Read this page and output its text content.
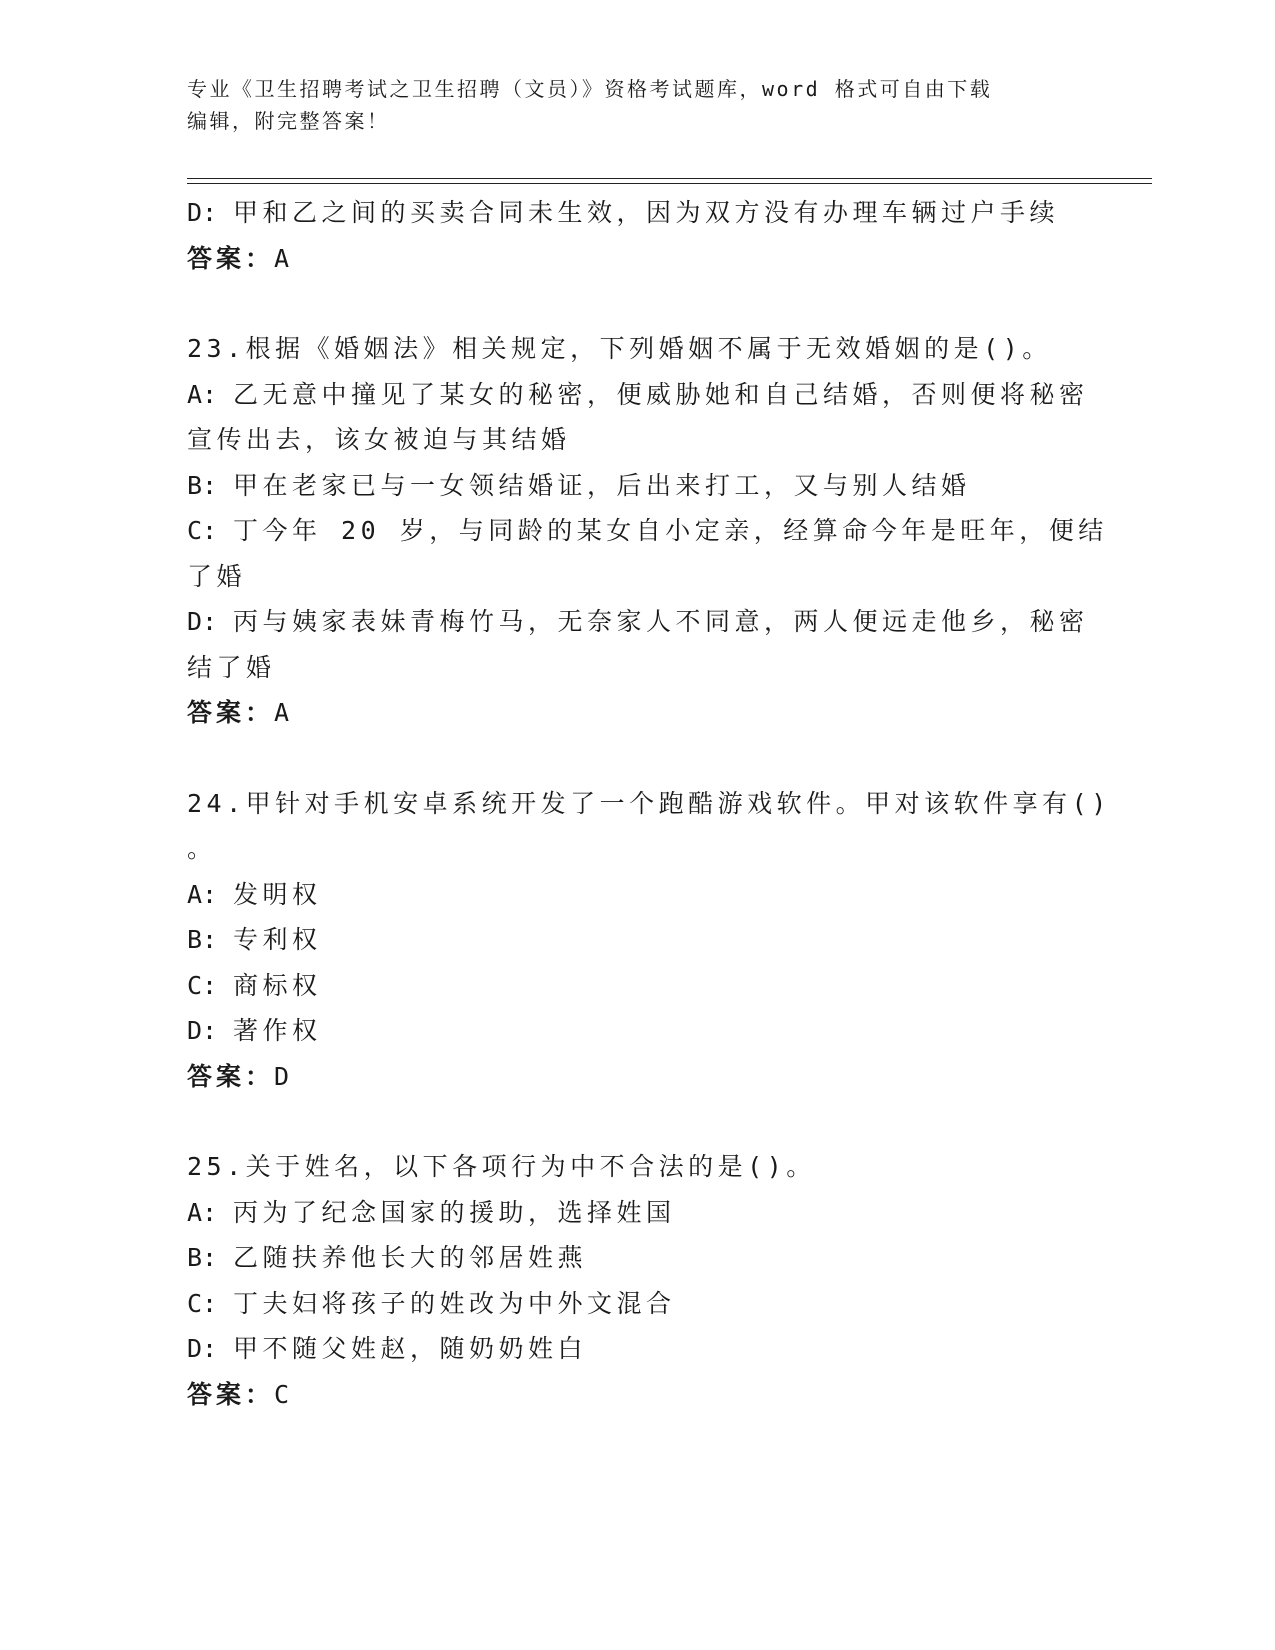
专业《卫生招聘考试之卫生招聘（文员）》资格考试题库，word 格式可自由下载
编辑，附完整答案！

D: 甲和乙之间的买卖合同未生效，因为双方没有办理车辆过户手续

答案：A

23.根据《婚姻法》相关规定，下列婚姻不属于无效婚姻的是()。

A: 乙无意中撞见了某女的秘密，便威胁她和自己结婚，否则便将秘密

宣传出去，该女被迫与其结婚

B: 甲在老家已与一女领结婚证，后出来打工，又与别人结婚

C: 丁今年 20 岁，与同龄的某女自小定亲，经算命今年是旺年，便结

了婚

D: 丙与姨家表妹青梅竹马，无奈家人不同意，两人便远走他乡，秘密

结了婚

答案：A

24.甲针对手机安卓系统开发了一个跑酷游戏软件。甲对该软件享有()

。

A: 发明权

B: 专利权

C: 商标权

D: 著作权

答案：D

25.关于姓名，以下各项行为中不合法的是()。

A: 丙为了纪念国家的援助，选择姓国

B: 乙随扶养他长大的邻居姓燕

C: 丁夫妇将孩子的姓改为中外文混合

D: 甲不随父姓赵，随奶奶姓白

答案：C
